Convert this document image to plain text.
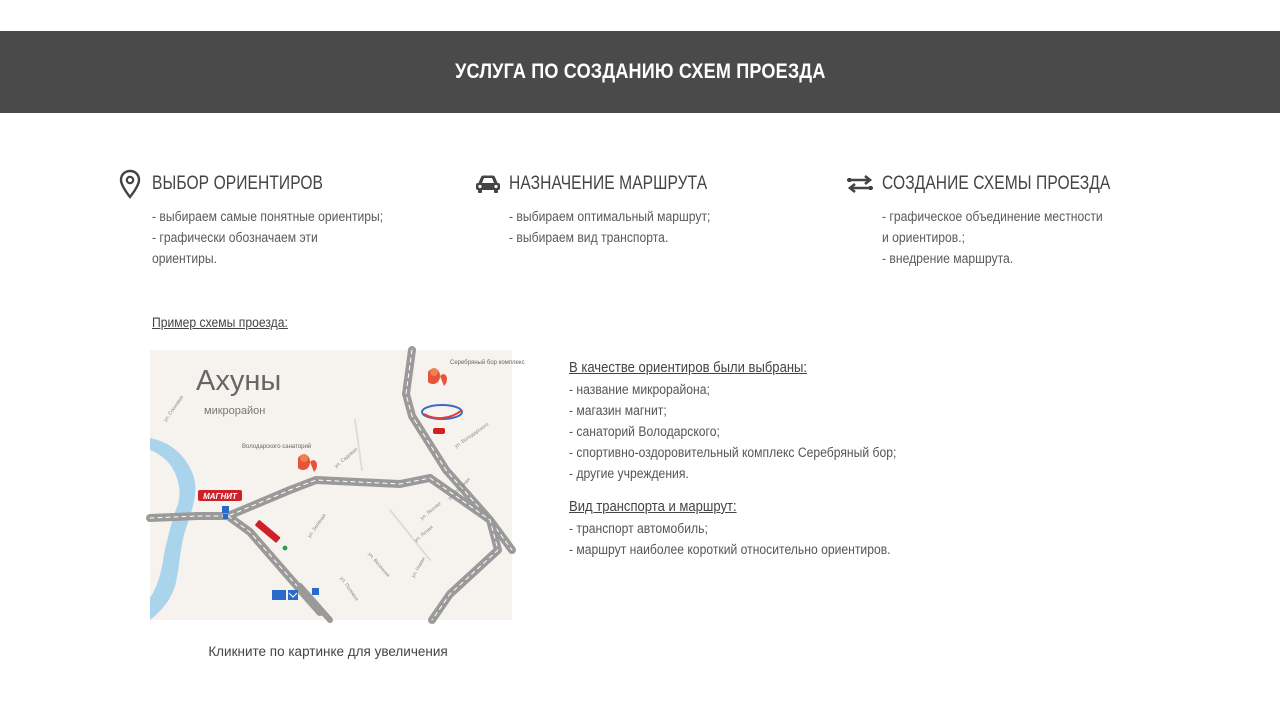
УСЛУГА ПО СОЗДАНИЮ СХЕМ ПРОЕЗДА
ВЫБОР ОРИЕНТИРОВ
- выбираем самые понятные ориентиры;
- графически обозначаем эти
ориентиры.
НАЗНАЧЕНИЕ МАРШРУТА
- выбираем оптимальный маршрут;
- выбираем вид транспорта.
СОЗДАНИЕ СХЕМЫ ПРОЕЗДА
- графическое объединение местности
и ориентиров.;
- внедрение маршрута.
Пример схемы проезда:
Ахуны
микрорайон
Володарского санаторий
Серебряный бор комплекс
ул. Сосновая
ул. Володарского
ул. Садовая
ул. Лесная
ул. Ясная
ул. Зелёная
ул. Весенняя
ул. Полевая
ул. Новая
ул. Широкая
МАГНИТ
Кликните по картинке для увеличения
В качестве ориентиров были выбраны:
- название микрорайона;
- магазин магнит;
- санаторий Володарского;
- спортивно-оздоровительный комплекс Серебряный бор;
- другие учреждения.
Вид транспорта и маршрут:
- транспорт автомобиль;
- маршрут наиболее короткий относительно ориентиров.
